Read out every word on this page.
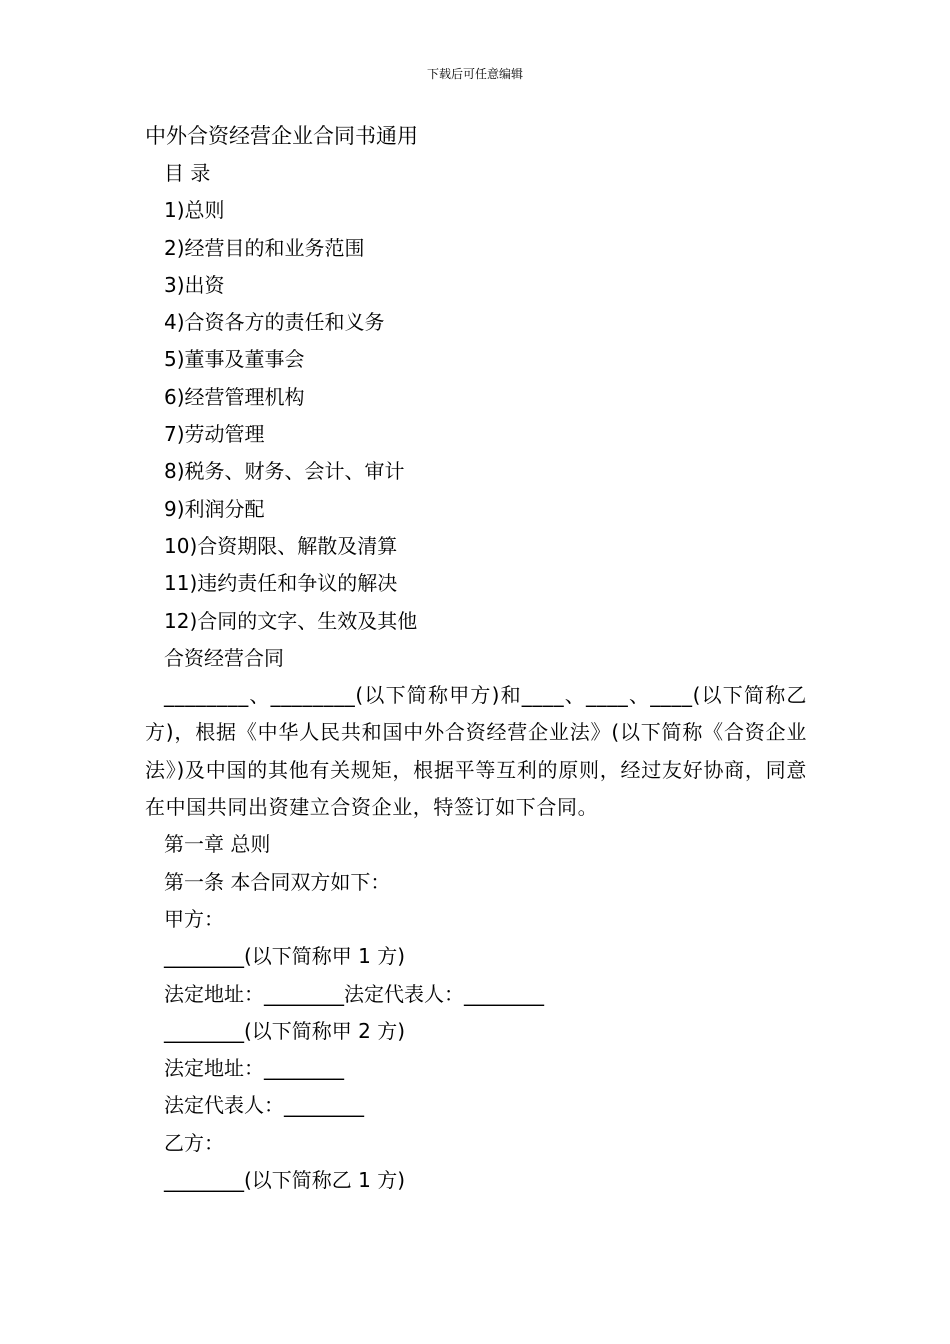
下载后可任意编辑
中外合资经营企业合同书通用

目 录

1)总则

2)经营目的和业务范围

3)出资

4)合资各方的责任和义务

5)董事及董事会

6)经营管理机构

7)劳动管理

8)税务、财务、会计、审计

9)利润分配

10)合资期限、解散及清算

11)违约责任和争议的解决

12)合同的文字、生效及其他

合资经营合同

________、________(以下简称甲方)和____、____、____(以下简称乙方)，根据《中华人民共和国中外合资经营企业法》(以下简称《合资企业法》)及中国的其他有关规矩，根据平等互利的原则，经过友好协商，同意在中国共同出资建立合资企业，特签订如下合同。

第一章 总则

第一条 本合同双方如下：

甲方：

________(以下简称甲 1 方)

法定地址：________法定代表人：________

________(以下简称甲 2 方)

法定地址：________

法定代表人：________

乙方：

________(以下简称乙 1 方)
